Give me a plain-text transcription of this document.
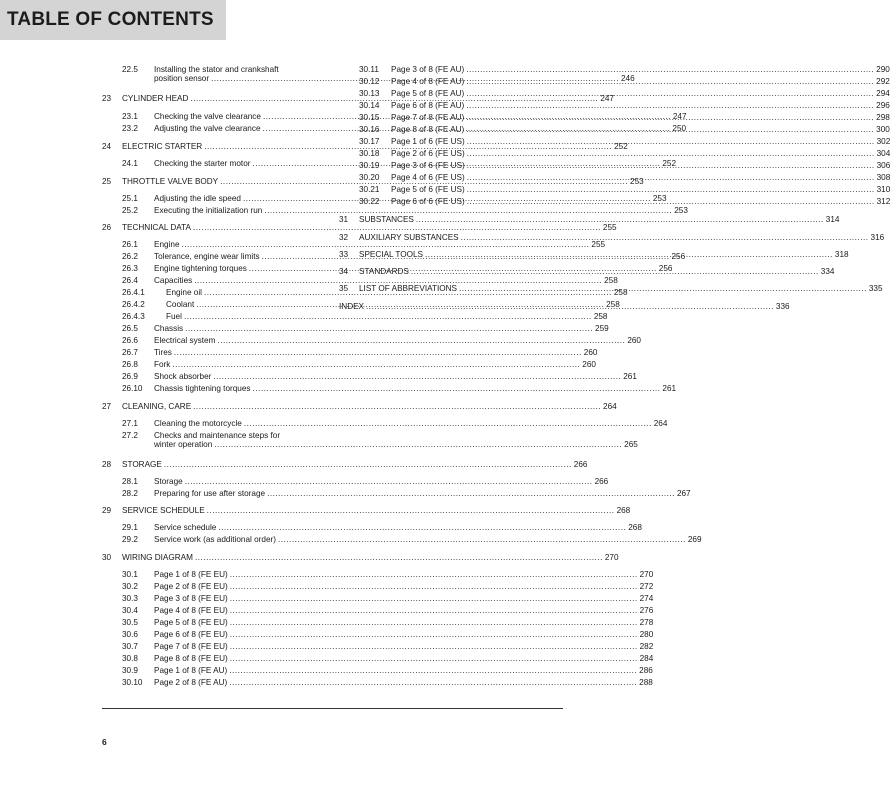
TABLE OF CONTENTS
22.5	Installing the stator and crankshaft
position sensor .....	246
23	CYLINDER HEAD .....	247
23.1	Checking the valve clearance .....	247
23.2	Adjusting the valve clearance .....	250
24	ELECTRIC STARTER .....	252
24.1	Checking the starter motor .....	252
25	THROTTLE VALVE BODY .....	253
25.1	Adjusting the idle speed .....	253
25.2	Executing the initialization run .....	253
26	TECHNICAL DATA .....	255
26.1	Engine .....	255
26.2	Tolerance, engine wear limits .....	256
26.3	Engine tightening torques .....	256
26.4	Capacities .....	258
26.4.1	Engine oil .....	258
26.4.2	Coolant .....	258
26.4.3	Fuel .....	258
26.5	Chassis .....	259
26.6	Electrical system .....	260
26.7	Tires .....	260
26.8	Fork .....	260
26.9	Shock absorber .....	261
26.10	Chassis tightening torques .....	261
27	CLEANING, CARE .....	264
27.1	Cleaning the motorcycle .....	264
27.2	Checks and maintenance steps for
winter operation .....	265
28	STORAGE .....	266
28.1	Storage .....	266
28.2	Preparing for use after storage .....	267
29	SERVICE SCHEDULE .....	268
29.1	Service schedule .....	268
29.2	Service work (as additional order) .....	269
30	WIRING DIAGRAM .....	270
30.1	Page 1 of 8 (FE EU) .....	270
30.2	Page 2 of 8 (FE EU) .....	272
30.3	Page 3 of 8 (FE EU) .....	274
30.4	Page 4 of 8 (FE EU) .....	276
30.5	Page 5 of 8 (FE EU) .....	278
30.6	Page 6 of 8 (FE EU) .....	280
30.7	Page 7 of 8 (FE EU) .....	282
30.8	Page 8 of 8 (FE EU) .....	284
30.9	Page 1 of 8 (FE AU) .....	286
30.10	Page 2 of 8 (FE AU) .....	288
30.11	Page 3 of 8 (FE AU) .....	290
30.12	Page 4 of 8 (FE AU) .....	292
30.13	Page 5 of 8 (FE AU) .....	294
30.14	Page 6 of 8 (FE AU) .....	296
30.15	Page 7 of 8 (FE AU) .....	298
30.16	Page 8 of 8 (FE AU) .....	300
30.17	Page 1 of 6 (FE US) .....	302
30.18	Page 2 of 6 (FE US) .....	304
30.19	Page 3 of 6 (FE US) .....	306
30.20	Page 4 of 6 (FE US) .....	308
30.21	Page 5 of 6 (FE US) .....	310
30.22	Page 6 of 6 (FE US) .....	312
31	SUBSTANCES .....	314
32	AUXILIARY SUBSTANCES .....	316
33	SPECIAL TOOLS .....	318
34	STANDARDS .....	334
35	LIST OF ABBREVIATIONS .....	335
INDEX .....	336
6
